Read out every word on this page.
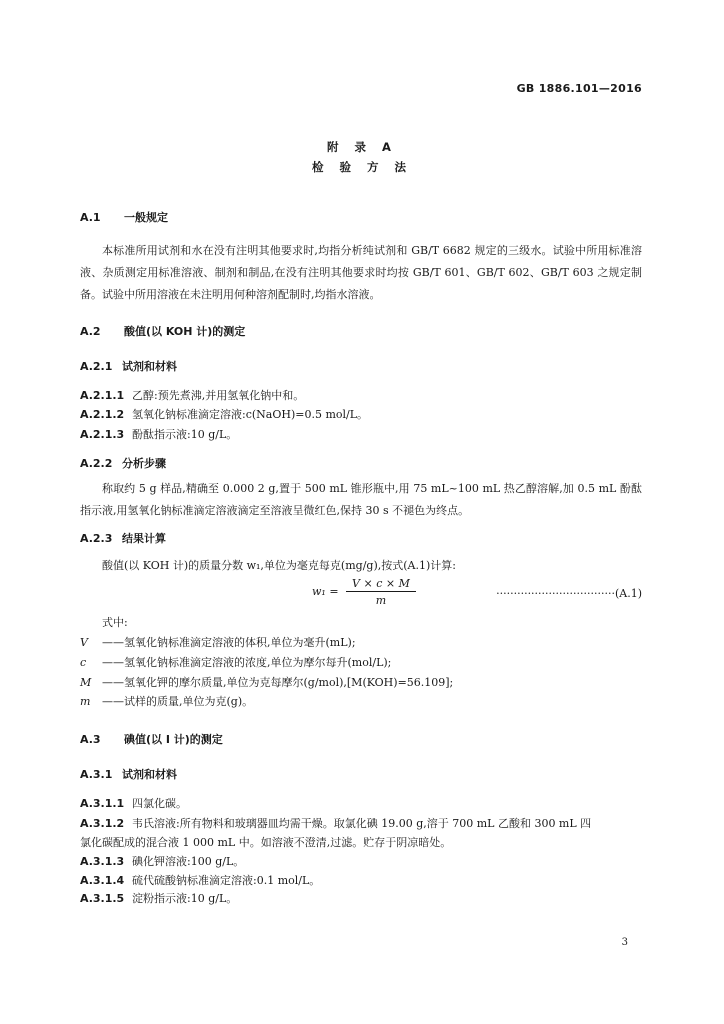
GB 1886.101—2016
附 录 A
检 验 方 法
A.1 一般规定
本标准所用试剂和水在没有注明其他要求时,均指分析纯试剂和 GB/T 6682 规定的三级水。试验中所用标准溶液、杂质测定用标准溶液、制剂和制品,在没有注明其他要求时均按 GB/T 601、GB/T 602、GB/T 603 之规定制备。试验中所用溶液在未注明用何种溶剂配制时,均指水溶液。
A.2 酸值(以 KOH 计)的测定
A.2.1 试剂和材料
A.2.1.1 乙醇:预先煮沸,并用氢氧化钠中和。
A.2.1.2 氢氧化钠标准滴定溶液:c(NaOH)=0.5 mol/L。
A.2.1.3 酚酞指示液:10 g/L。
A.2.2 分析步骤
称取约 5 g 样品,精确至 0.000 2 g,置于 500 mL 锥形瓶中,用 75 mL~100 mL 热乙醇溶解,加 0.5 mL 酚酞指示液,用氢氧化钠标准滴定溶液滴定至溶液呈微红色,保持 30 s 不褪色为终点。
A.2.3 结果计算
酸值(以 KOH 计)的质量分数 w₁,单位为毫克每克(mg/g),按式(A.1)计算:
$w_1 = \frac{V \times c \times M}{m}$	··································(A.1)
式中:
V ——氢氧化钠标准滴定溶液的体积,单位为毫升(mL);
c ——氢氧化钠标准滴定溶液的浓度,单位为摩尔每升(mol/L);
M ——氢氧化钾的摩尔质量,单位为克每摩尔(g/mol),[M(KOH)=56.109];
m ——试样的质量,单位为克(g)。
A.3 碘值(以 I 计)的测定
A.3.1 试剂和材料
A.3.1.1 四氯化碳。
A.3.1.2 韦氏溶液:所有物料和玻璃器皿均需干燥。取氯化碘 19.00 g,溶于 700 mL 乙酸和 300 mL 四
氯化碳配成的混合液 1 000 mL 中。如溶液不澄清,过滤。贮存于阴凉暗处。
A.3.1.3 碘化钾溶液:100 g/L。
A.3.1.4 硫代硫酸钠标准滴定溶液:0.1 mol/L。
A.3.1.5 淀粉指示液:10 g/L。
3
